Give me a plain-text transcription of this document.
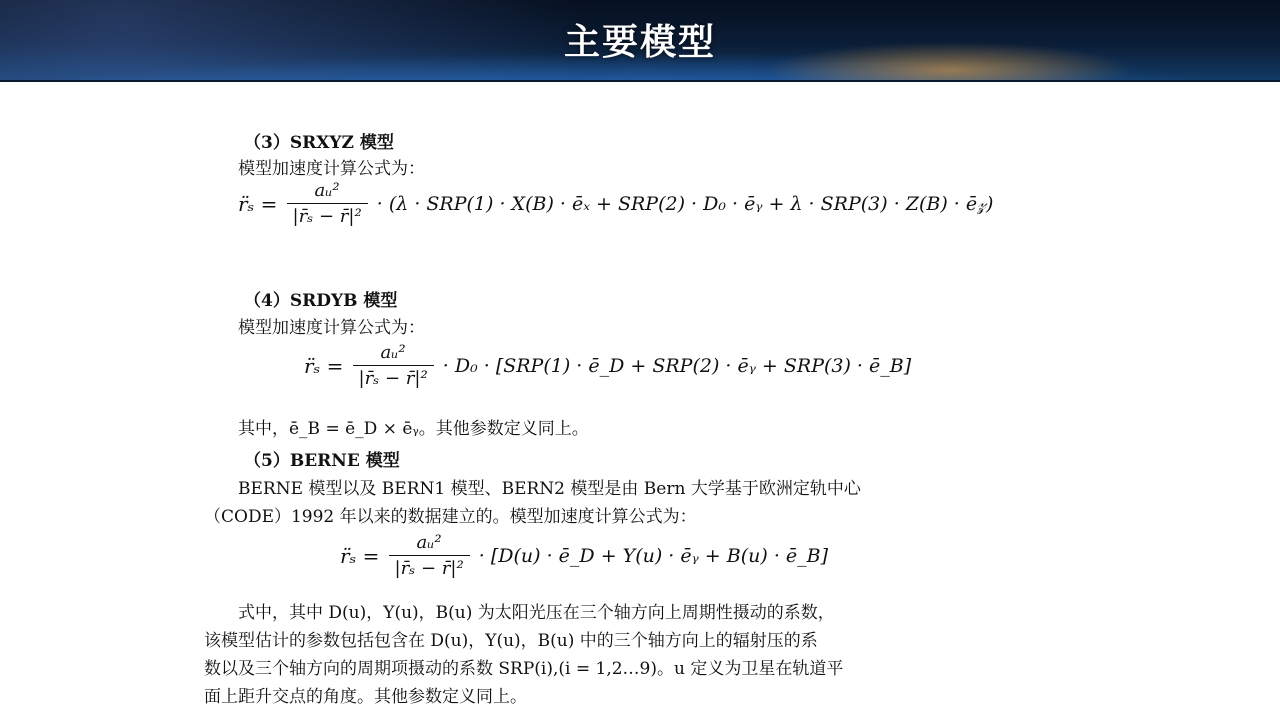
主要模型
（3）SRXYZ 模型
模型加速度计算公式为：
r̈ₛ = $\frac{\text{aᵤ²}}{\text{|r̄ₛ − r̄|²}} \cdot (\lambda \cdot SRP(1) \cdot X(B)$ · ēₓ + SRP(2) · D₀ · ēᵧ + λ · SRP(3) · Z(B) · ē𝓏)
（4）SRDYB 模型
模型加速度计算公式为：
r̈ₛ = $\frac{\text{aᵤ²}}{\text{|r̄ₛ − r̄|²}} \cdot D_0 \cdot [SRP(1)$ · ē_D + SRP(2) · ēᵧ + SRP(3) · ē_B]
其中，ē_B = ē_D × ēᵧ。其他参数定义同上。
（5）BERNE 模型
BERNE 模型以及 BERN1 模型、BERN2 模型是由 Bern 大学基于欧洲定轨中心
（CODE）1992 年以来的数据建立的。模型加速度计算公式为：
r̈ₛ = $\frac{\text{aᵤ²}}{\text{|r̄ₛ − r̄|²}} \cdot [D(u)$ · ē_D + Y(u) · ēᵧ + B(u) · ē_B]
式中，其中 D(u)，Y(u)，B(u) 为太阳光压在三个轴方向上周期性摄动的系数，
该模型估计的参数包括包含在 D(u)，Y(u)，B(u) 中的三个轴方向上的辐射压的系
数以及三个轴方向的周期项摄动的系数 SRP(i),(i = 1,2…9)。u 定义为卫星在轨道平
面上距升交点的角度。其他参数定义同上。
